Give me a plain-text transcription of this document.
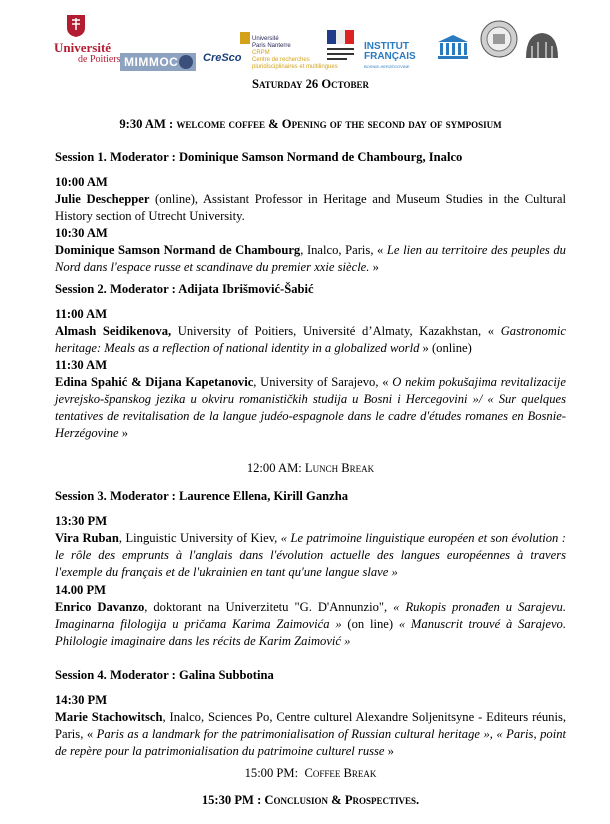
Université
de Poitiers MIMMOC	CreSco
Université
Paris Nanterre
CRPM
Centre de recherches
pluridisciplinaires et multilingues
INSTITUT
FRANÇAIS
BOSNIE-HERZÉGOVINE

Saturday 26 October

9:30 AM : welcome coffee & Opening of the second day of symposium

Session 1. Moderator : Dominique Samson Normand de Chambourg, Inalco

10:00 AM

Julie Deschepper (online), Assistant Professor in Heritage and Museum Studies in the Cultural History section of Utrecht University.

10:30 AM

Dominique Samson Normand de Chambourg, Inalco, Paris, « Le lien au territoire des peuples du Nord dans l'espace russe et scandinave du premier xxie siècle. »

Session 2. Moderator : Adijata Ibrišmović-Šabić

11:00 AM

Almash Seidikenova, University of Poitiers, Université d’Almaty, Kazakhstan, « Gastronomic heritage: Meals as a reflection of national identity in a globalized world » (online)

11:30 AM

Edina Spahić & Dijana Kapetanovic, University of Sarajevo, « O nekim pokušajima revitalizacije jevrejsko-španskog jezika u okviru romanističkih studija u Bosni i Hercegovini »/ « Sur quelques tentatives de revitalisation de la langue judéo-espagnole dans le cadre d'études romanes en Bosnie-Herzégovine »

12:00 AM: Lunch Break

Session 3. Moderator : Laurence Ellena, Kirill Ganzha

13:30 PM

Vira Ruban, Linguistic University of Kiev, « Le patrimoine linguistique européen et son évolution : le rôle des emprunts à l'anglais dans l'évolution actuelle des langues européennes à travers l'exemple du français et de l'ukrainien en tant qu'une langue slave »

14.00 PM

Enrico Davanzo, doktorant na Univerzitetu "G. D'Annunzio", « Rukopis pronađen u Sarajevu. Imaginarna filologija u pričama Karima Zaimovića » (on line) « Manuscrit trouvé à Sarajevo. Philologie imaginaire dans les récits de Karim Zaimović »

Session 4. Moderator : Galina Subbotina

14:30 PM

Marie Stachowitsch, Inalco, Sciences Po, Centre culturel Alexandre Soljenitsyne - Editeurs réunis, Paris, « Paris as a landmark for the patrimonialisation of Russian cultural heritage », « Paris, point de repère pour la patrimonialisation du patrimoine culturel russe »

15:00 PM:  Coffee Break

15:30 PM : Conclusion & Prospectives.
